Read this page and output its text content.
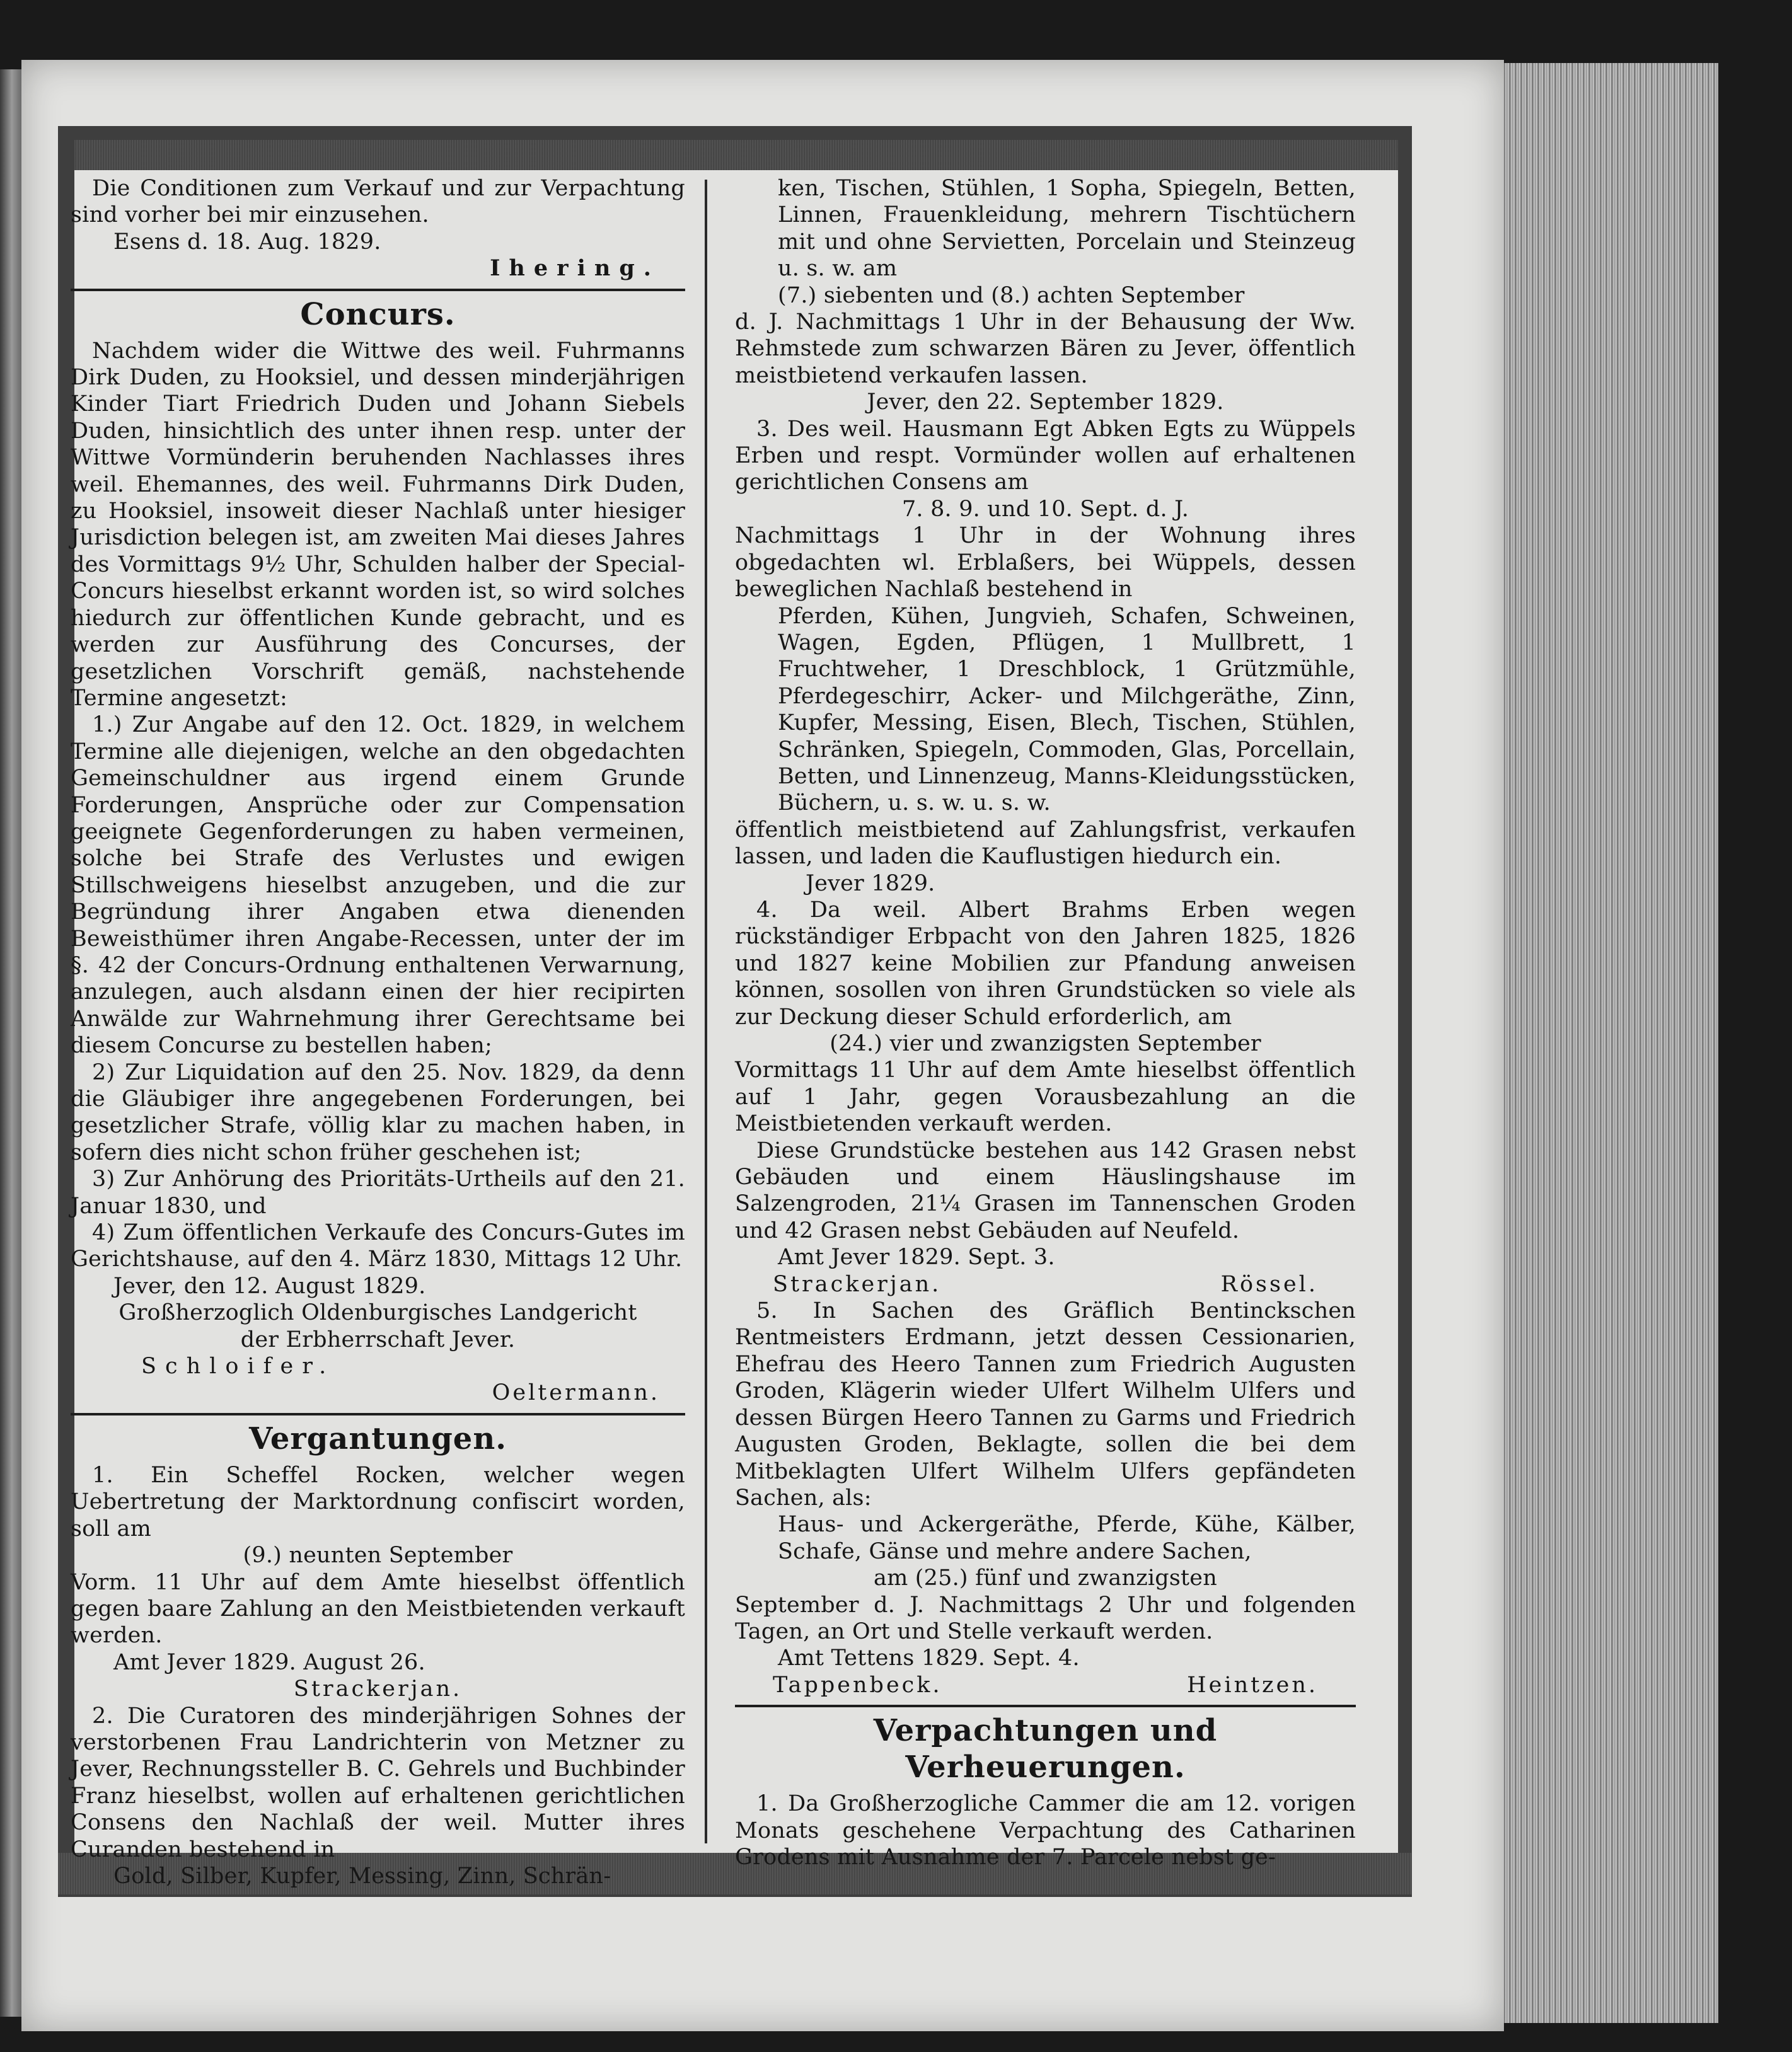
Die Conditionen zum Verkauf und zur Verpachtung sind vorher bei mir einzusehen.

Esens d. 18. Aug. 1829.

Ihering.

Concurs.

Nachdem wider die Wittwe des weil. Fuhrmanns Dirk Duden, zu Hooksiel, und dessen minderjährigen Kinder Tiart Friedrich Duden und Johann Siebels Duden, hinsichtlich des unter ihnen resp. unter der Wittwe Vormünderin beruhenden Nachlasses ihres weil. Ehemannes, des weil. Fuhrmanns Dirk Duden, zu Hooksiel, insoweit dieser Nachlaß unter hiesiger Jurisdiction belegen ist, am zweiten Mai dieses Jahres des Vormittags 9½ Uhr, Schulden halber der Special-Concurs hieselbst erkannt worden ist, so wird solches hiedurch zur öffentlichen Kunde gebracht, und es werden zur Ausführung des Concurses, der gesetzlichen Vorschrift gemäß, nachstehende Termine angesetzt:

1.) Zur Angabe auf den 12. Oct. 1829, in welchem Termine alle diejenigen, welche an den obgedachten Gemeinschuldner aus irgend einem Grunde Forderungen, Ansprüche oder zur Compensation geeignete Gegenforderungen zu haben vermeinen, solche bei Strafe des Verlustes und ewigen Stillschweigens hieselbst anzugeben, und die zur Begründung ihrer Angaben etwa dienenden Beweisthümer ihren Angabe-Recessen, unter der im §. 42 der Concurs-Ordnung enthaltenen Verwarnung, anzulegen, auch alsdann einen der hier recipirten Anwälde zur Wahrnehmung ihrer Gerechtsame bei diesem Concurse zu bestellen haben;

2) Zur Liquidation auf den 25. Nov. 1829, da denn die Gläubiger ihre angegebenen Forderungen, bei gesetzlicher Strafe, völlig klar zu machen haben, in sofern dies nicht schon früher geschehen ist;

3) Zur Anhörung des Prioritäts-Urtheils auf den 21. Januar 1830, und

4) Zum öffentlichen Verkaufe des Concurs-Gutes im Gerichtshause, auf den 4. März 1830, Mittags 12 Uhr.

Jever, den 12. August 1829.

Großherzoglich Oldenburgisches Landgericht

der Erbherrschaft Jever.

Schloifer.

Oeltermann.

Vergantungen.

1. Ein Scheffel Rocken, welcher wegen Uebertretung der Marktordnung confiscirt worden, soll am

(9.) neunten September

Vorm. 11 Uhr auf dem Amte hieselbst öffentlich gegen baare Zahlung an den Meistbietenden verkauft werden.

Amt Jever 1829. August 26.

Strackerjan.

2. Die Curatoren des minderjährigen Sohnes der verstorbenen Frau Landrichterin von Metzner zu Jever, Rechnungssteller B. C. Gehrels und Buchbinder Franz hieselbst, wollen auf erhaltenen gerichtlichen Consens den Nachlaß der weil. Mutter ihres Curanden bestehend in

Gold, Silber, Kupfer, Messing, Zinn, Schrän-

ken, Tischen, Stühlen, 1 Sopha, Spiegeln, Betten, Linnen, Frauenkleidung, mehrern Tischtüchern mit und ohne Servietten, Porcelain und Steinzeug u. s. w. am

(7.) siebenten und (8.) achten September

d. J. Nachmittags 1 Uhr in der Behausung der Ww. Rehmstede zum schwarzen Bären zu Jever, öffentlich meistbietend verkaufen lassen.

Jever, den 22. September 1829.

3. Des weil. Hausmann Egt Abken Egts zu Wüppels Erben und respt. Vormünder wollen auf erhaltenen gerichtlichen Consens am

7. 8. 9. und 10. Sept. d. J.

Nachmittags 1 Uhr in der Wohnung ihres obgedachten wl. Erblaßers, bei Wüppels, dessen beweglichen Nachlaß bestehend in

Pferden, Kühen, Jungvieh, Schafen, Schweinen, Wagen, Egden, Pflügen, 1 Mullbrett, 1 Fruchtweher, 1 Dreschblock, 1 Grützmühle, Pferdegeschirr, Acker- und Milchgeräthe, Zinn, Kupfer, Messing, Eisen, Blech, Tischen, Stühlen, Schränken, Spiegeln, Commoden, Glas, Porcellain, Betten, und Linnenzeug, Manns-Kleidungsstücken, Büchern, u. s. w. u. s. w.

öffentlich meistbietend auf Zahlungsfrist, verkaufen lassen, und laden die Kauflustigen hiedurch ein.

Jever 1829.

4. Da weil. Albert Brahms Erben wegen rückständiger Erbpacht von den Jahren 1825, 1826 und 1827 keine Mobilien zur Pfandung anweisen können, sosollen von ihren Grundstücken so viele als zur Deckung dieser Schuld erforderlich, am

(24.) vier und zwanzigsten September

Vormittags 11 Uhr auf dem Amte hieselbst öffentlich auf 1 Jahr, gegen Vorausbezahlung an die Meistbietenden verkauft werden.

Diese Grundstücke bestehen aus 142 Grasen nebst Gebäuden und einem Häuslingshause im Salzengroden, 21¼ Grasen im Tannenschen Groden und 42 Grasen nebst Gebäuden auf Neufeld.

Amt Jever 1829. Sept. 3.

Strackerjan.	Rössel.

5. In Sachen des Gräflich Bentinckschen Rentmeisters Erdmann, jetzt dessen Cessionarien, Ehefrau des Heero Tannen zum Friedrich Augusten Groden, Klägerin wieder Ulfert Wilhelm Ulfers und dessen Bürgen Heero Tannen zu Garms und Friedrich Augusten Groden, Beklagte, sollen die bei dem Mitbeklagten Ulfert Wilhelm Ulfers gepfändeten Sachen, als:

Haus- und Ackergeräthe, Pferde, Kühe, Kälber, Schafe, Gänse und mehre andere Sachen,

am (25.) fünf und zwanzigsten

September d. J. Nachmittags 2 Uhr und folgenden Tagen, an Ort und Stelle verkauft werden.

Amt Tettens 1829. Sept. 4.

Tappenbeck.	Heintzen.
Verpachtungen und Verheuerungen.

1. Da Großherzogliche Cammer die am 12. vorigen Monats geschehene Verpachtung des Catharinen Grodens mit Ausnahme der 7. Parcele nebst ge-
